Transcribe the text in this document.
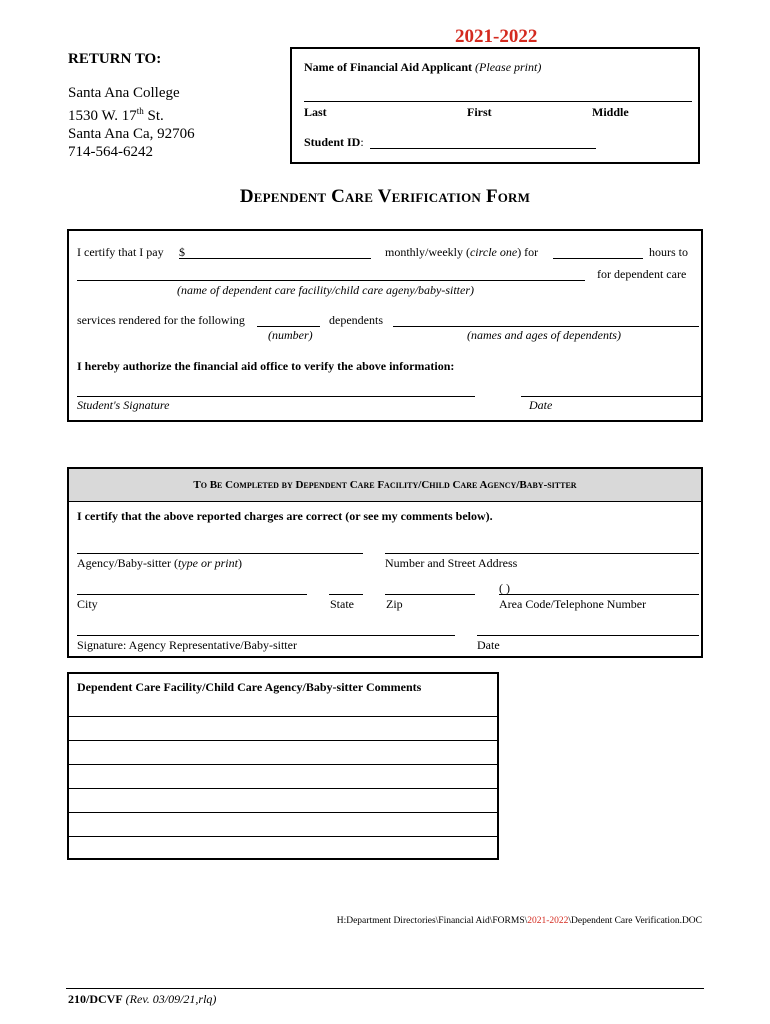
2021-2022
RETURN TO:
Santa Ana College
1530 W. 17th St.
Santa Ana Ca, 92706
714-564-6242
Name of Financial Aid Applicant (Please print)
Last	First	Middle
Student ID:
Dependent Care Verification Form
I certify that I pay $	monthly/weekly (circle one) for	hours to
for dependent care
(name of dependent care facility/child care ageny/baby-sitter)
services rendered for the following	dependents
(number)	(names and ages of dependents)
I hereby authorize the financial aid office to verify the above information:
Student's Signature	Date
To Be Completed by Dependent Care Facility/Child Care Agency/Baby-sitter
I certify that the above reported charges are correct (or see my comments below).
Agency/Baby-sitter (type or print)	Number and Street Address
( )
City	State	Zip	Area Code/Telephone Number
Signature: Agency Representative/Baby-sitter	Date
Dependent Care Facility/Child Care Agency/Baby-sitter Comments
H:Department Directories\Financial Aid\FORMS\2021-2022\Dependent Care Verification.DOC
210/DCVF (Rev. 03/09/21,rlq)
